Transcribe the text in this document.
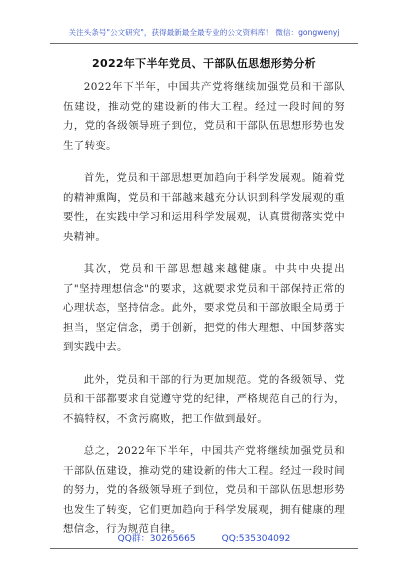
关注头条号"公文研究"，获得最新最全最专业的公文资料库！ 微信：gongwenyj
2022年下半年党员、干部队伍思想形势分析

2022年下半年，中国共产党将继续加强党员和干部队伍建设，推动党的建设新的伟大工程。经过一段时间的努力，党的各级领导班子到位，党员和干部队伍思想形势也发生了转变。

首先，党员和干部思想更加趋向于科学发展观。随着党的精神熏陶，党员和干部越来越充分认识到科学发展观的重要性，在实践中学习和运用科学发展观，认真贯彻落实党中央精神。

其次，党员和干部思想越来越健康。中共中央提出了"坚持理想信念"的要求，这就要求党员和干部保持正常的心理状态，坚持信念。此外，要求党员和干部放眼全局勇于担当，坚定信念，勇于创新，把党的伟大理想、中国梦落实到实践中去。

此外，党员和干部的行为更加规范。党的各级领导、党员和干部都要求自觉遵守党的纪律，严格规范自己的行为，不搞特权，不贪污腐败，把工作做到最好。

总之，2022年下半年，中国共产党将继续加强党员和干部队伍建设，推动党的建设新的伟大工程。经过一段时间的努力，党的各级领导班子到位，党员和干部队伍思想形势也发生了转变，它们更加趋向于科学发展观，拥有健康的理想信念，行为规范自律。

QQ群：30265665	QQ:535304092
